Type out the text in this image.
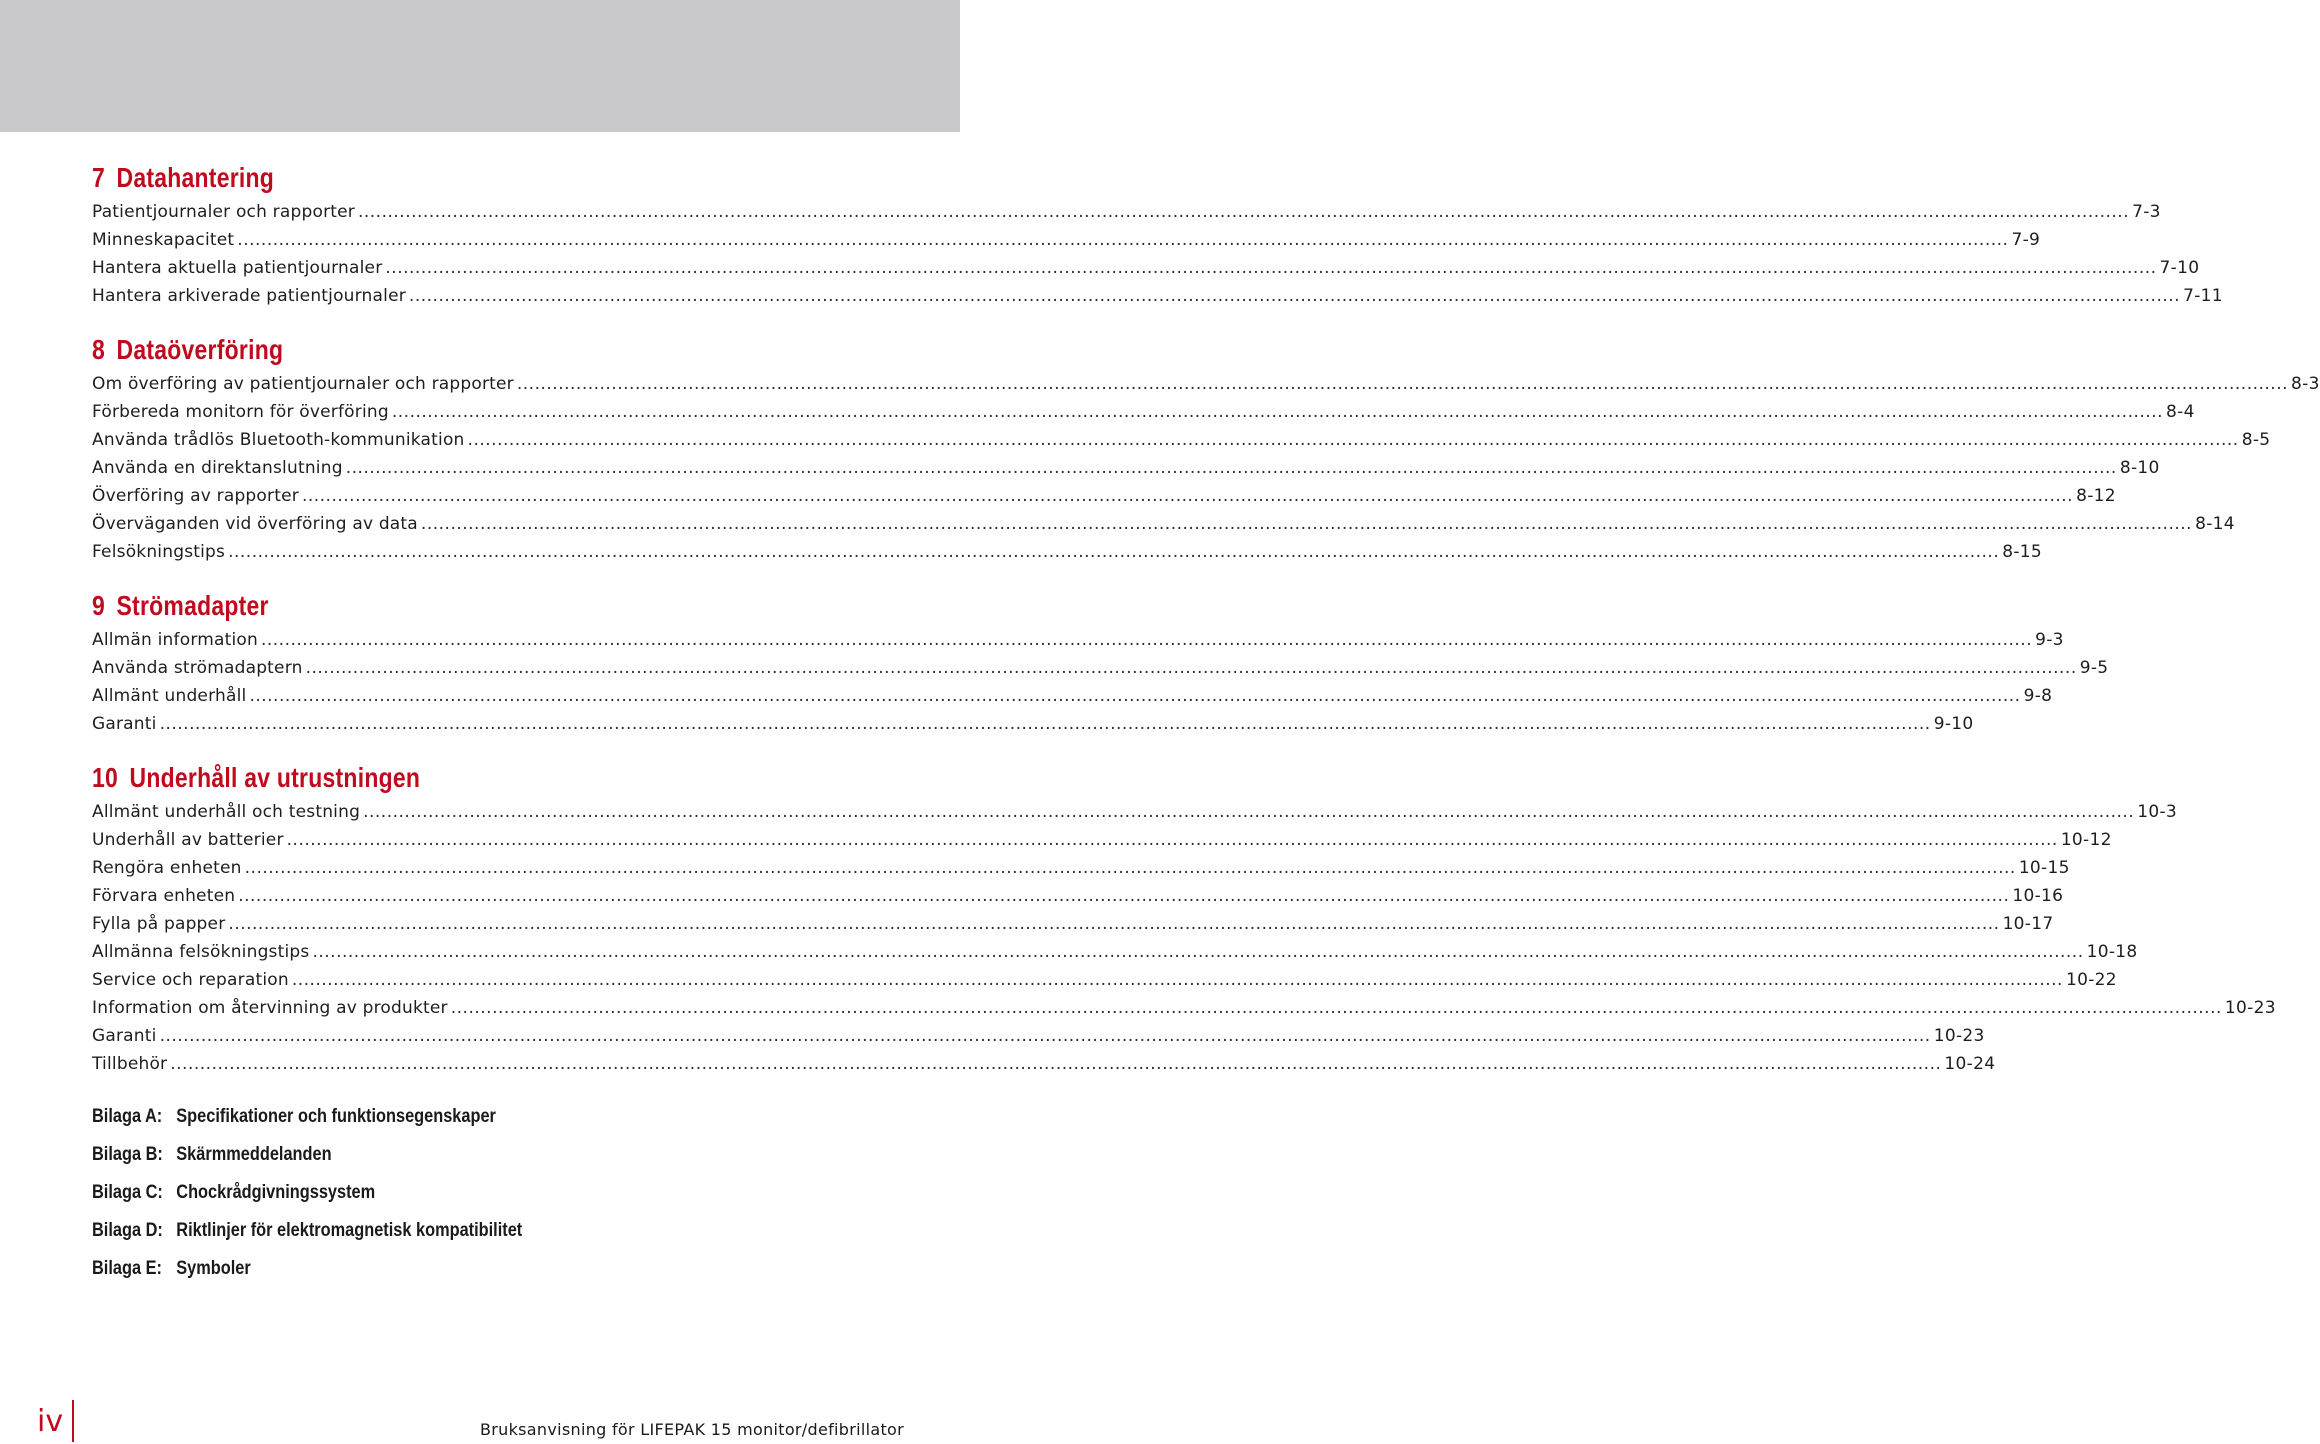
7 Datahantering
Patientjournaler och rapporter ............................................................................................................................................................................................................................................................................................................ 7-3
Minneskapacitet ............................................................................................................................................................................................................................................................................................................ 7-9
Hantera aktuella patientjournaler ............................................................................................................................................................................................................................................................................................................ 7-10
Hantera arkiverade patientjournaler ............................................................................................................................................................................................................................................................................................................ 7-11
8 Dataöverföring
Om överföring av patientjournaler och rapporter ............................................................................................................................................................................................................................................................................................................ 8-3
Förbereda monitorn för överföring ............................................................................................................................................................................................................................................................................................................ 8-4
Använda trådlös Bluetooth-kommunikation ............................................................................................................................................................................................................................................................................................................ 8-5
Använda en direktanslutning ............................................................................................................................................................................................................................................................................................................ 8-10
Överföring av rapporter ............................................................................................................................................................................................................................................................................................................ 8-12
Överväganden vid överföring av data ............................................................................................................................................................................................................................................................................................................ 8-14
Felsökningstips ............................................................................................................................................................................................................................................................................................................ 8-15
9 Strömadapter
Allmän information ............................................................................................................................................................................................................................................................................................................ 9-3
Använda strömadaptern ............................................................................................................................................................................................................................................................................................................ 9-5
Allmänt underhåll ............................................................................................................................................................................................................................................................................................................ 9-8
Garanti ............................................................................................................................................................................................................................................................................................................ 9-10
10 Underhåll av utrustningen
Allmänt underhåll och testning ............................................................................................................................................................................................................................................................................................................ 10-3
Underhåll av batterier ............................................................................................................................................................................................................................................................................................................ 10-12
Rengöra enheten ............................................................................................................................................................................................................................................................................................................ 10-15
Förvara enheten ............................................................................................................................................................................................................................................................................................................ 10-16
Fylla på papper ............................................................................................................................................................................................................................................................................................................ 10-17
Allmänna felsökningstips ............................................................................................................................................................................................................................................................................................................ 10-18
Service och reparation ............................................................................................................................................................................................................................................................................................................ 10-22
Information om återvinning av produkter ............................................................................................................................................................................................................................................................................................................ 10-23
Garanti ............................................................................................................................................................................................................................................................................................................ 10-23
Tillbehör ............................................................................................................................................................................................................................................................................................................ 10-24
Bilaga A: Specifikationer och funktionsegenskaper
Bilaga B: Skärmmeddelanden
Bilaga C: Chockrådgivningssystem
Bilaga D: Riktlinjer för elektromagnetisk kompatibilitet
Bilaga E: Symboler
iv	Bruksanvisning för LIFEPAK 15 monitor/defibrillator
